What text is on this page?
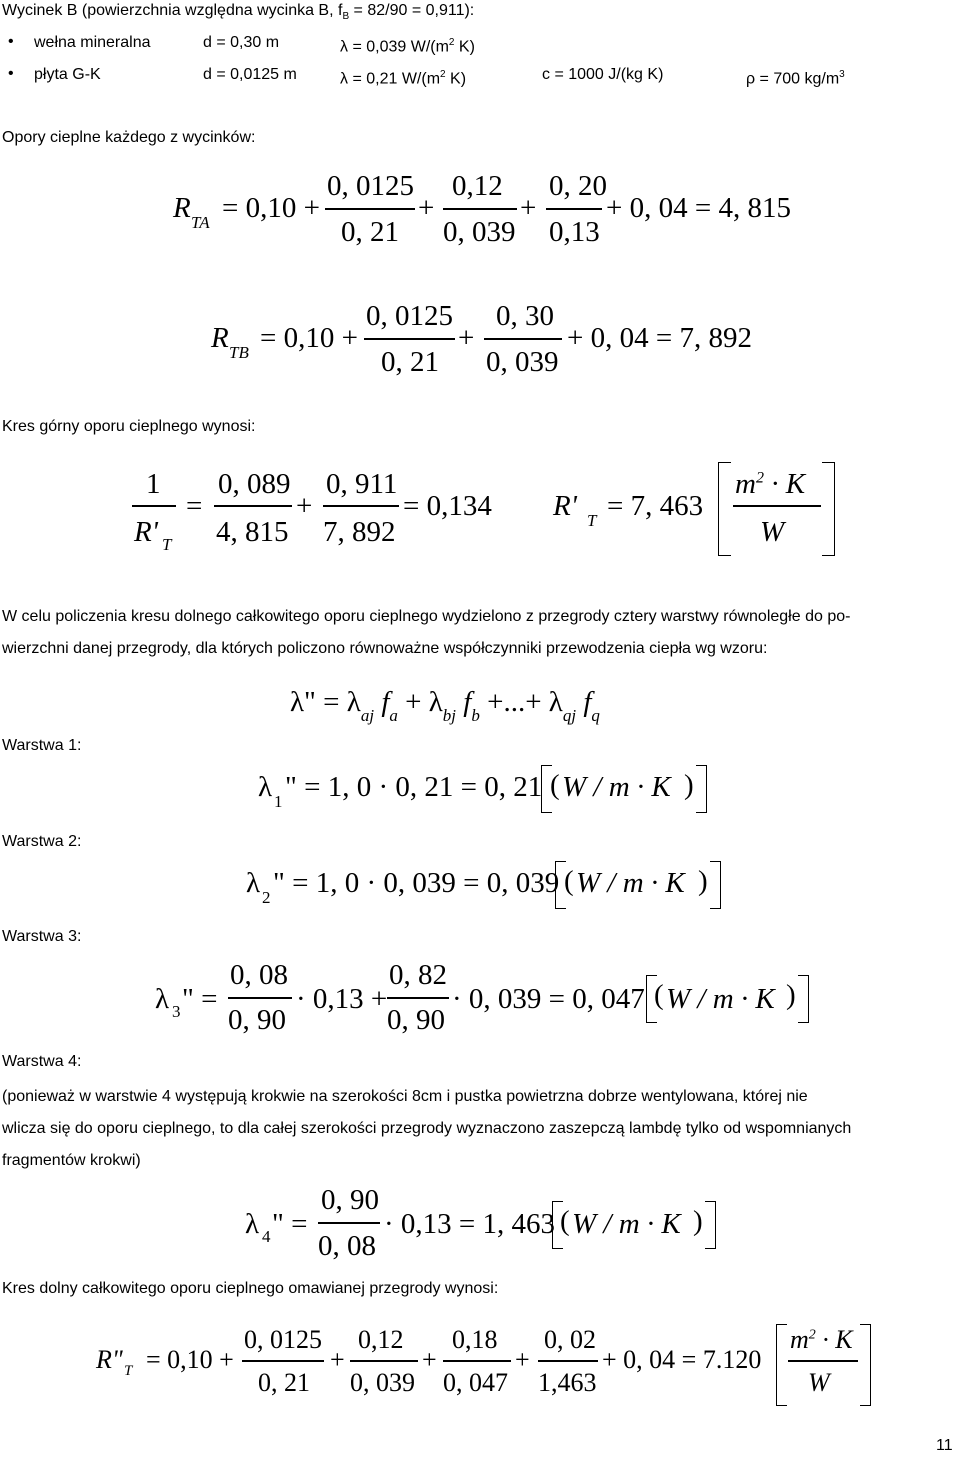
Wycinek B (powierzchnia względna wycinka B, $f_B = 82/90 = 0,911$):
• wełna mineralna	d = 0,30 m	λ = 0,039 $W/(m^2$ K)
• płyta G-K	d = 0,0125 m	λ = 0,21 $W/(m^2$ K)	c = 1000 J/(kg K)	ρ = 700 $kg/m^3$
Opory cieplne każdego z wycinków:
R TA = 0,10 +
0, 0125
0, 21
+
0,12
0, 039
+
0, 20
0,13
+ 0, 04 = 4, 815
R TB = 0,10 +
0, 0125
0, 21
+
0, 30
0, 039
+ 0, 04 = 7, 892
Kres górny oporu cieplnego wynosi:
1
R' T
=
0, 089
4, 815
+
0, 911
7, 892
= 0,134 R' T = 7, 463
$m^2 \cdot K$
W
W celu policzenia kresu dolnego całkowitego oporu cieplnego wydzielono z przegrody cztery warstwy równoległe do po-
wierzchni danej przegrody, dla których policzono równoważne współczynniki przewodzenia ciepła wg wzoru:
λ" = $\lambda_{aj}$ $f_a + \lambda_{bj}$ $f_b$ +...+ $\lambda_{qj}$ $f_q$
Warstwa 1:
λ 1 " = 1, 0 · 0, 21 = 0, 21 ( W / m · K )
Warstwa 2:
λ 2 " = 1, 0 · 0, 039 = 0, 039 ( W / m · K )
Warstwa 3:
λ 3 " =
0, 08
0, 90
· 0,13 +
0, 82
0, 90
· 0, 039 = 0, 047 ( W / m · K )
Warstwa 4:
(ponieważ w warstwie 4 występują krokwie na szerokości 8cm i pustka powietrzna dobrze wentylowana, której nie
wlicza się do oporu cieplnego, to dla całej szerokości przegrody wyznaczono zaszepczą lambdę tylko od wspomnianych
fragmentów krokwi)
λ 4 " =
0, 90
0, 08
· 0,13 = 1, 463 ( W / m · K )
Kres dolny całkowitego oporu cieplnego omawianej przegrody wynosi:
R" T = 0,10 +
0, 0125
0, 21
+
0,12
0, 039
+
0,18
0, 047
+
0, 02
1,463
+ 0, 04 = 7.120
$m^2 \cdot K$
W
11
